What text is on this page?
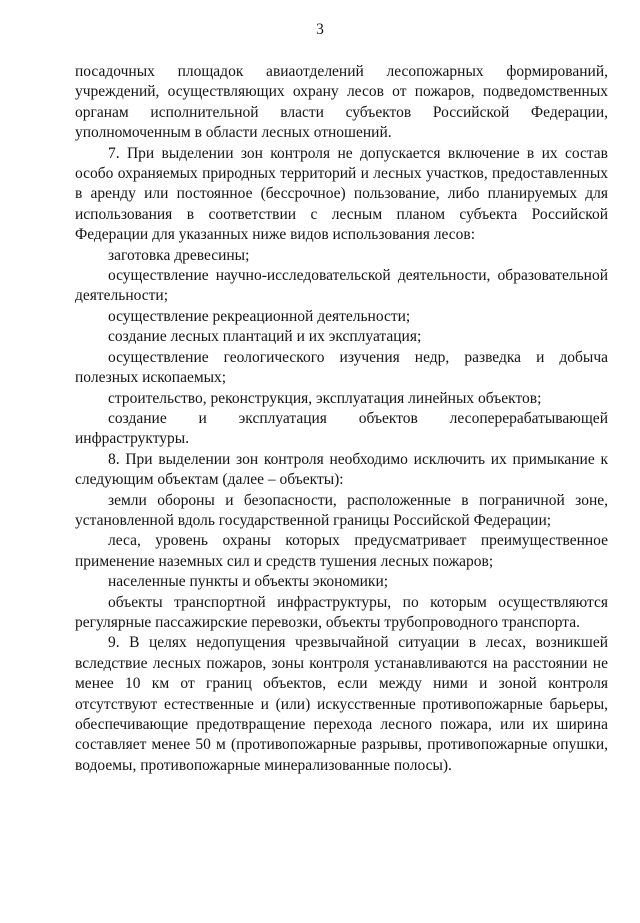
3

посадочных площадок авиаотделений лесопожарных формирований, учреждений, осуществляющих охрану лесов от пожаров, подведомственных органам исполнительной власти субъектов Российской Федерации, уполномоченным в области лесных отношений.

7. При выделении зон контроля не допускается включение в их состав особо охраняемых природных территорий и лесных участков, предоставленных в аренду или постоянное (бессрочное) пользование, либо планируемых для использования в соответствии с лесным планом субъекта Российской Федерации для указанных ниже видов использования лесов:

заготовка древесины;

осуществление научно-исследовательской деятельности, образовательной деятельности;

осуществление рекреационной деятельности;

создание лесных плантаций и их эксплуатация;

осуществление геологического изучения недр, разведка и добыча полезных ископаемых;

строительство, реконструкция, эксплуатация линейных объектов;

создание и эксплуатация объектов лесоперерабатывающей инфраструктуры.

8. При выделении зон контроля необходимо исключить их примыкание к следующим объектам (далее – объекты):

земли обороны и безопасности, расположенные в пограничной зоне, установленной вдоль государственной границы Российской Федерации;

леса, уровень охраны которых предусматривает преимущественное применение наземных сил и средств тушения лесных пожаров;

населенные пункты и объекты экономики;

объекты транспортной инфраструктуры, по которым осуществляются регулярные пассажирские перевозки, объекты трубопроводного транспорта.

9. В целях недопущения чрезвычайной ситуации в лесах, возникшей вследствие лесных пожаров, зоны контроля устанавливаются на расстоянии не менее 10 км от границ объектов, если между ними и зоной контроля отсутствуют естественные и (или) искусственные противопожарные барьеры, обеспечивающие предотвращение перехода лесного пожара, или их ширина составляет менее 50 м (противопожарные разрывы, противопожарные опушки, водоемы, противопожарные минерализованные полосы).
